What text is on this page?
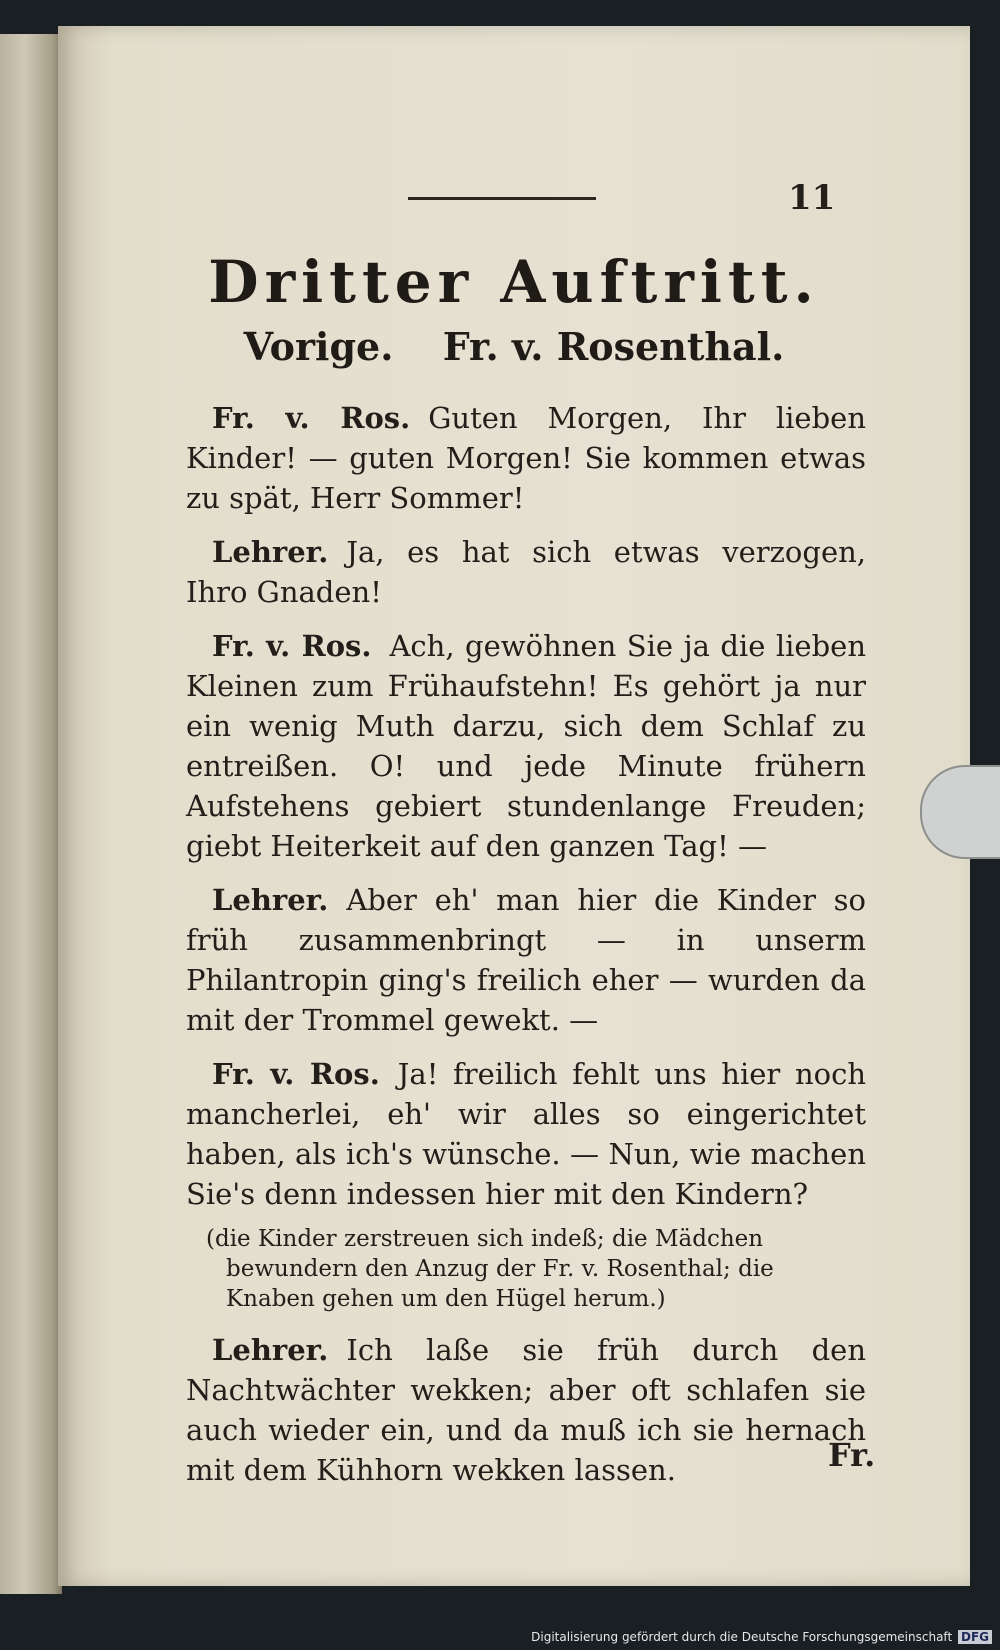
11
Dritter Auftritt.
Vorige. Fr. v. Rosenthal.

Fr. v. Ros. Guten Morgen, Ihr lieben Kinder! — guten Morgen! Sie kommen etwas zu spät, Herr Sommer!

Lehrer. Ja, es hat sich etwas verzogen, Ihro Gnaden!

Fr. v. Ros. Ach, gewöhnen Sie ja die lieben Kleinen zum Frühaufstehn! Es gehört ja nur ein wenig Muth darzu, sich dem Schlaf zu entreißen. O! und jede Minute frühern Aufstehens gebiert stundenlange Freuden; giebt Heiterkeit auf den ganzen Tag! —

Lehrer. Aber eh' man hier die Kinder so früh zusammenbringt — in unserm Philantropin ging's freilich eher — wurden da mit der Trommel gewekt. —

Fr. v. Ros. Ja! freilich fehlt uns hier noch mancherlei, eh' wir alles so eingerichtet haben, als ich's wünsche. — Nun, wie machen Sie's denn indessen hier mit den Kindern?

(die Kinder zerstreuen sich indeß; die Mädchen bewundern den Anzug der Fr. v. Rosenthal; die Knaben gehen um den Hügel herum.)

Lehrer. Ich laße sie früh durch den Nachtwächter wekken; aber oft schlafen sie auch wieder ein, und da muß ich sie hernach mit dem Kühhorn wekken lassen.	Fr.
Digitalisierung gefördert durch die Deutsche Forschungsgemeinschaft DFG
